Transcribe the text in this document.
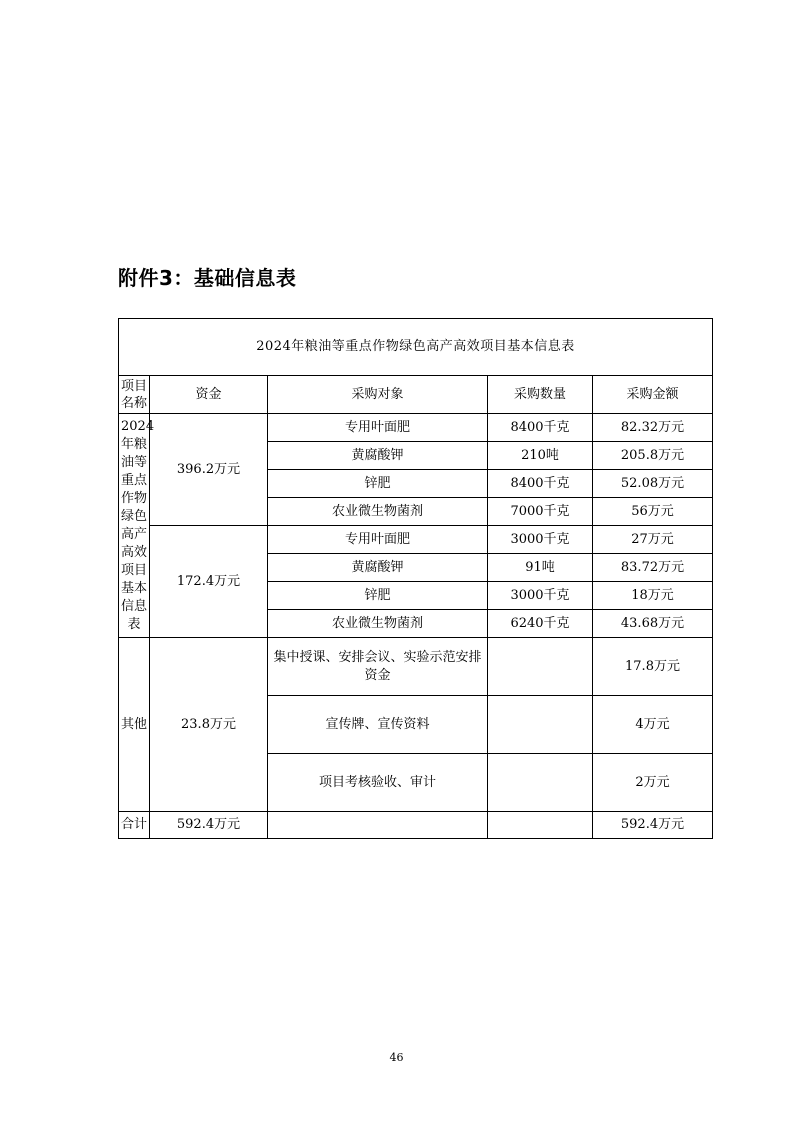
附件3：基础信息表
2024年粮油等重点作物绿色高产高效项目基本信息表				
项目名称	资金	采购对象	采购数量	采购金额
2024年粮油等重点作物绿色高产高效项目基本信息表	396.2万元	专用叶面肥	8400千克	82.32万元
		黄腐酸钾	210吨	205.8万元
		锌肥	8400千克	52.08万元
		农业微生物菌剂	7000千克	56万元
	172.4万元	专用叶面肥	3000千克	27万元
		黄腐酸钾	91吨	83.72万元
		锌肥	3000千克	18万元
		农业微生物菌剂	6240千克	43.68万元
其他	23.8万元	集中授课、安排会议、实验示范安排资金		17.8万元
		宣传牌、宣传资料		4万元
		项目考核验收、审计		2万元
合计	592.4万元			592.4万元
46
